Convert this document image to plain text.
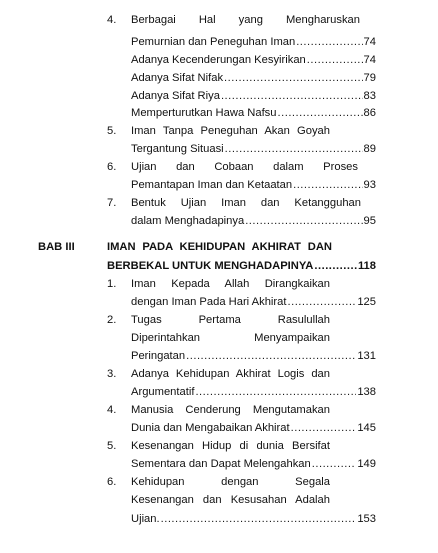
4. Berbagai Hal yang Mengharuskan
Pemurnian dan Peneguhan Iman .....	74
Adanya Kecenderungan Kesyirikan .....	74
Adanya Sifat Nifak .....	79
Adanya Sifat Riya .....	83
Memperturutkan Hawa Nafsu .....	86
5. Iman Tanpa Peneguhan Akan Goyah
Tergantung Situasi .....	89
6. Ujian dan Cobaan dalam Proses
Pemantapan Iman dan Ketaatan .....	93
7. Bentuk Ujian Iman dan Ketangguhan
dalam Menghadapinya .....	95
BAB III	IMAN PADA KEHIDUPAN AKHIRAT DAN
BERBEKAL UNTUK MENGHADAPINYA .....	118
1. Iman Kepada Allah Dirangkaikan
dengan Iman Pada Hari Akhirat .....	125
2. Tugas Pertama Rasulullah
Diperintahkan Menyampaikan
Peringatan .....	131
3. Adanya Kehidupan Akhirat Logis dan
Argumentatif .....	138
4. Manusia Cenderung Mengutamakan
Dunia dan Mengabaikan Akhirat .....	145
5. Kesenangan Hidup di dunia Bersifat
Sementara dan Dapat Melengahkan .....	149
6. Kehidupan dengan Segala
Kesenangan dan Kesusahan Adalah
Ujian. .....	153
